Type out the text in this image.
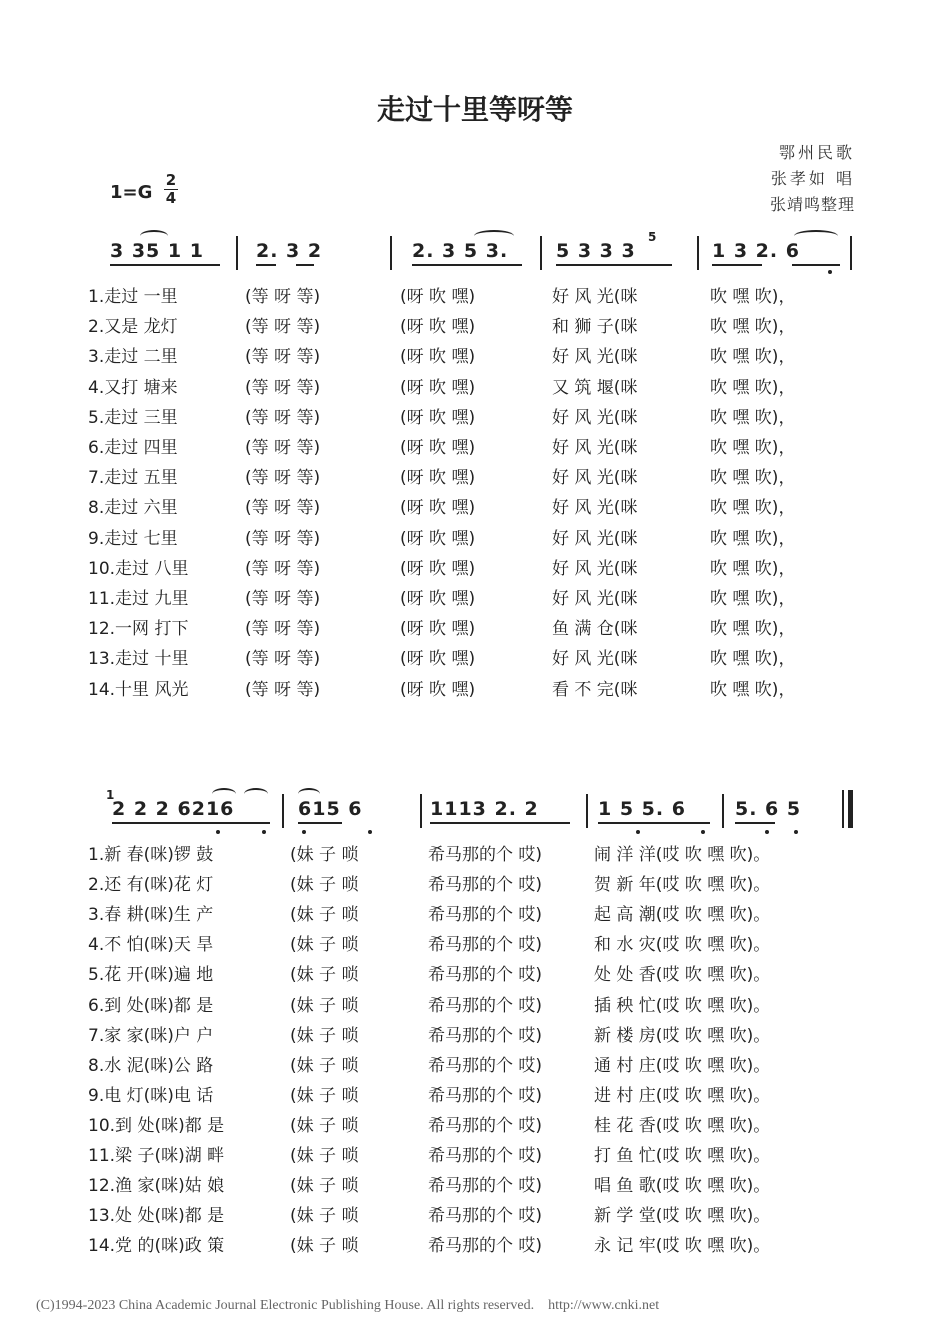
走过十里等呀等
鄂州民歌
张孝如 唱
张靖鸣整理
1=G
2
4
3 35 1 1	2. 3 2	2. 3 5 3.	5 3 3 3	1 3 2. 6
5
1.走过 一里	(等 呀 等)	(呀 吹 嘿)	好 风 光(咪	吹 嘿 吹)，
2.又是 龙灯	(等 呀 等)	(呀 吹 嘿)	和 狮 子(咪	吹 嘿 吹)，
3.走过 二里	(等 呀 等)	(呀 吹 嘿)	好 风 光(咪	吹 嘿 吹)，
4.又打 塘来	(等 呀 等)	(呀 吹 嘿)	又 筑 堰(咪	吹 嘿 吹)，
5.走过 三里	(等 呀 等)	(呀 吹 嘿)	好 风 光(咪	吹 嘿 吹)，
6.走过 四里	(等 呀 等)	(呀 吹 嘿)	好 风 光(咪	吹 嘿 吹)，
7.走过 五里	(等 呀 等)	(呀 吹 嘿)	好 风 光(咪	吹 嘿 吹)，
8.走过 六里	(等 呀 等)	(呀 吹 嘿)	好 风 光(咪	吹 嘿 吹)，
9.走过 七里	(等 呀 等)	(呀 吹 嘿)	好 风 光(咪	吹 嘿 吹)，
10.走过 八里	(等 呀 等)	(呀 吹 嘿)	好 风 光(咪	吹 嘿 吹)，
11.走过 九里	(等 呀 等)	(呀 吹 嘿)	好 风 光(咪	吹 嘿 吹)，
12.一网 打下	(等 呀 等)	(呀 吹 嘿)	鱼 满 仓(咪	吹 嘿 吹)，
13.走过 十里	(等 呀 等)	(呀 吹 嘿)	好 风 光(咪	吹 嘿 吹)，
14.十里 风光	(等 呀 等)	(呀 吹 嘿)	看 不 完(咪	吹 嘿 吹)，
1
2 2 2 6216	615 6	1113 2. 2	1 5 5. 6	5. 6 5
1.新 春(咪)锣 鼓	(妹 子 唢	希马那的个 哎)	闹 洋 洋(哎 吹 嘿 吹)。
2.还 有(咪)花 灯	(妹 子 唢	希马那的个 哎)	贺 新 年(哎 吹 嘿 吹)。
3.春 耕(咪)生 产	(妹 子 唢	希马那的个 哎)	起 高 潮(哎 吹 嘿 吹)。
4.不 怕(咪)天 旱	(妹 子 唢	希马那的个 哎)	和 水 灾(哎 吹 嘿 吹)。
5.花 开(咪)遍 地	(妹 子 唢	希马那的个 哎)	处 处 香(哎 吹 嘿 吹)。
6.到 处(咪)都 是	(妹 子 唢	希马那的个 哎)	插 秧 忙(哎 吹 嘿 吹)。
7.家 家(咪)户 户	(妹 子 唢	希马那的个 哎)	新 楼 房(哎 吹 嘿 吹)。
8.水 泥(咪)公 路	(妹 子 唢	希马那的个 哎)	通 村 庄(哎 吹 嘿 吹)。
9.电 灯(咪)电 话	(妹 子 唢	希马那的个 哎)	进 村 庄(哎 吹 嘿 吹)。
10.到 处(咪)都 是	(妹 子 唢	希马那的个 哎)	桂 花 香(哎 吹 嘿 吹)。
11.梁 子(咪)湖 畔	(妹 子 唢	希马那的个 哎)	打 鱼 忙(哎 吹 嘿 吹)。
12.渔 家(咪)姑 娘	(妹 子 唢	希马那的个 哎)	唱 鱼 歌(哎 吹 嘿 吹)。
13.处 处(咪)都 是	(妹 子 唢	希马那的个 哎)	新 学 堂(哎 吹 嘿 吹)。
14.党 的(咪)政 策	(妹 子 唢	希马那的个 哎)	永 记 牢(哎 吹 嘿 吹)。
(C)1994-2023 China Academic Journal Electronic Publishing House. All rights reserved.    http://www.cnki.net
